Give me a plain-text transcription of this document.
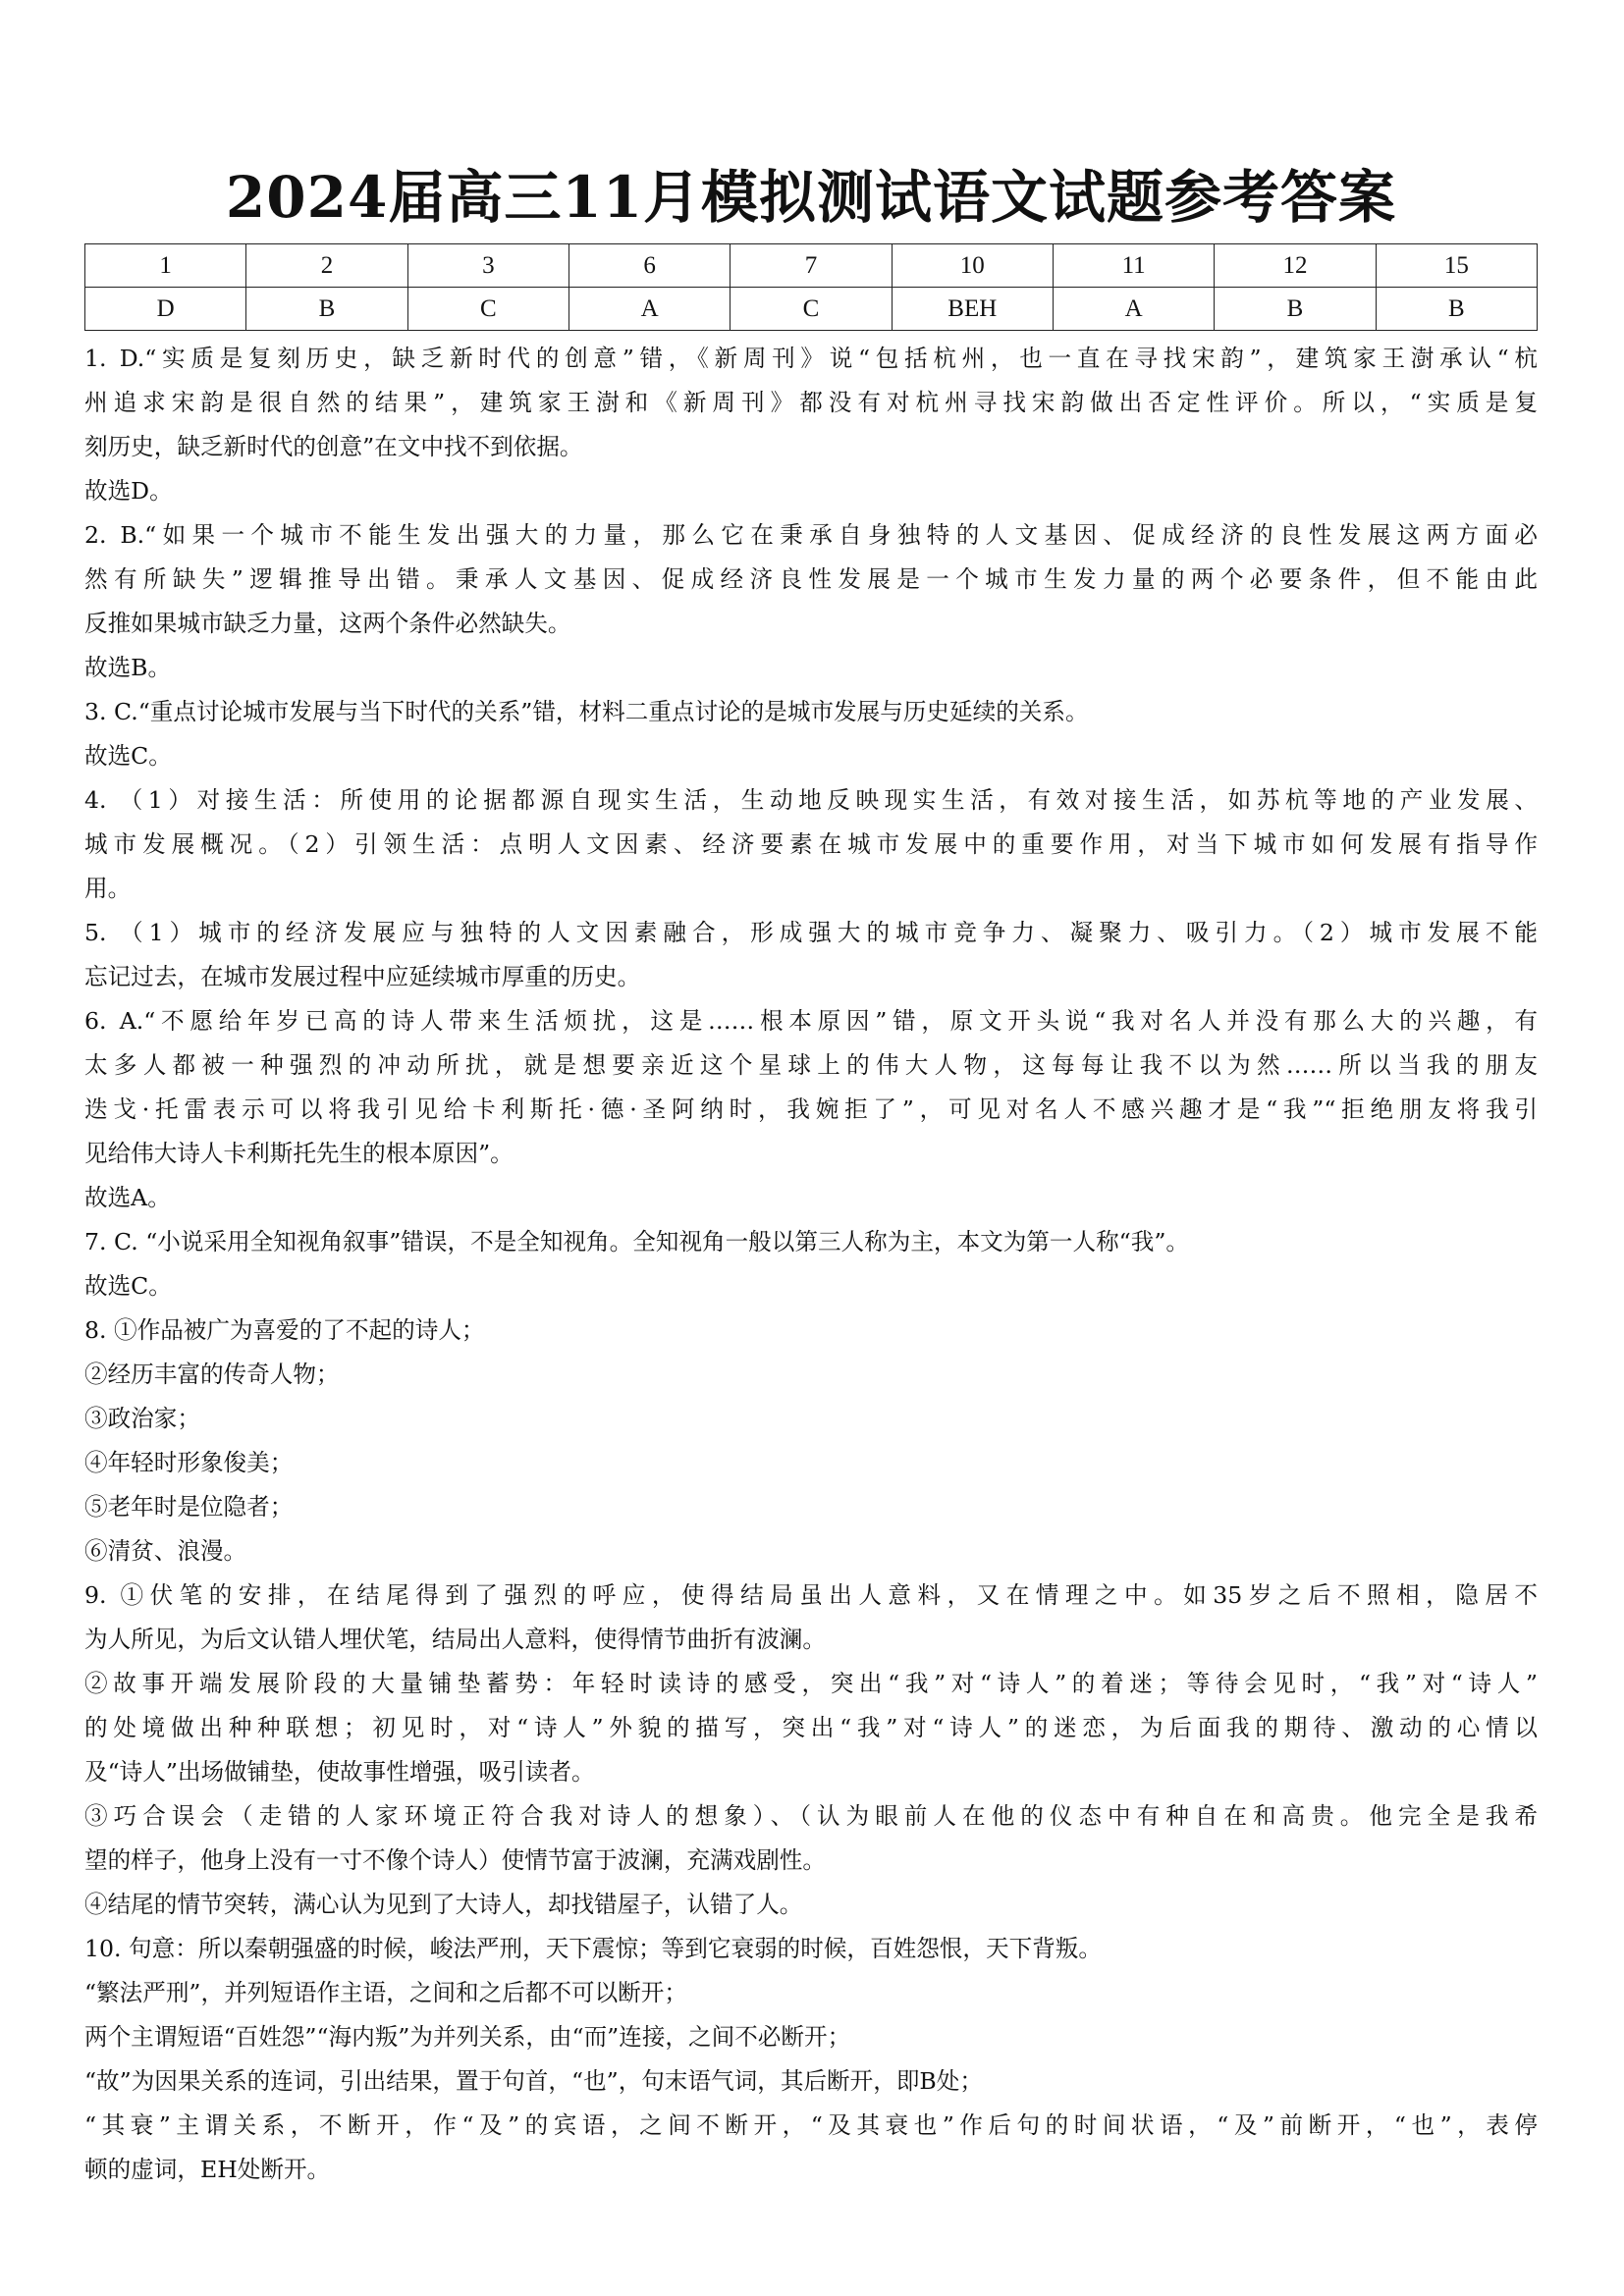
2024届高三11月模拟测试语文试题参考答案
1	2	3	6	7	10	11	12	15
D	B	C	A	C	BEH	A	B	B
1. D.“实质是复刻历史，缺乏新时代的创意”错，《新周刊》说“包括杭州，也一直在寻找宋韵”，建筑家王澍承认“杭
州追求宋韵是很自然的结果”，建筑家王澍和《新周刊》都没有对杭州寻找宋韵做出否定性评价。所以，“实质是复
刻历史，缺乏新时代的创意”在文中找不到依据。
故选D。
2. B.“如果一个城市不能生发出强大的力量，那么它在秉承自身独特的人文基因、促成经济的良性发展这两方面必
然有所缺失”逻辑推导出错。秉承人文基因、促成经济良性发展是一个城市生发力量的两个必要条件，但不能由此
反推如果城市缺乏力量，这两个条件必然缺失。
故选B。
3. C.“重点讨论城市发展与当下时代的关系”错，材料二重点讨论的是城市发展与历史延续的关系。
故选C。
4. （1）对接生活：所使用的论据都源自现实生活，生动地反映现实生活，有效对接生活，如苏杭等地的产业发展、
城市发展概况。（2）引领生活：点明人文因素、经济要素在城市发展中的重要作用，对当下城市如何发展有指导作
用。
5. （1）城市的经济发展应与独特的人文因素融合，形成强大的城市竞争力、凝聚力、吸引力。（2）城市发展不能
忘记过去，在城市发展过程中应延续城市厚重的历史。
6. A.“不愿给年岁已高的诗人带来生活烦扰，这是……根本原因”错，原文开头说“我对名人并没有那么大的兴趣，有
太多人都被一种强烈的冲动所扰，就是想要亲近这个星球上的伟大人物，这每每让我不以为然……所以当我的朋友
迭戈·托雷表示可以将我引见给卡利斯托·德·圣阿纳时，我婉拒了”，可见对名人不感兴趣才是“我”“拒绝朋友将我引
见给伟大诗人卡利斯托先生的根本原因”。
故选A。
7. C. “小说采用全知视角叙事”错误，不是全知视角。全知视角一般以第三人称为主，本文为第一人称“我”。
故选C。
8. ①作品被广为喜爱的了不起的诗人；
②经历丰富的传奇人物；
③政治家；
④年轻时形象俊美；
⑤老年时是位隐者；
⑥清贫、浪漫。
9. ①伏笔的安排，在结尾得到了强烈的呼应，使得结局虽出人意料，又在情理之中。如35岁之后不照相，隐居不
为人所见，为后文认错人埋伏笔，结局出人意料，使得情节曲折有波澜。
②故事开端发展阶段的大量铺垫蓄势：年轻时读诗的感受，突出“我”对“诗人”的着迷；等待会见时，“我”对“诗人”
的处境做出种种联想；初见时，对“诗人”外貌的描写，突出“我”对“诗人”的迷恋，为后面我的期待、激动的心情以
及“诗人”出场做铺垫，使故事性增强，吸引读者。
③巧合误会（走错的人家环境正符合我对诗人的想象）、（认为眼前人在他的仪态中有种自在和高贵。他完全是我希
望的样子，他身上没有一寸不像个诗人）使情节富于波澜，充满戏剧性。
④结尾的情节突转，满心认为见到了大诗人，却找错屋子，认错了人。
10. 句意：所以秦朝强盛的时候，峻法严刑，天下震惊；等到它衰弱的时候，百姓怨恨，天下背叛。
“繁法严刑”，并列短语作主语，之间和之后都不可以断开；
两个主谓短语“百姓怨”“海内叛”为并列关系，由“而”连接，之间不必断开；
“故”为因果关系的连词，引出结果，置于句首，“也”，句末语气词，其后断开，即B处；
“其衰”主谓关系，不断开，作“及”的宾语，之间不断开，“及其衰也”作后句的时间状语，“及”前断开，“也”，表停
顿的虚词，EH处断开。
